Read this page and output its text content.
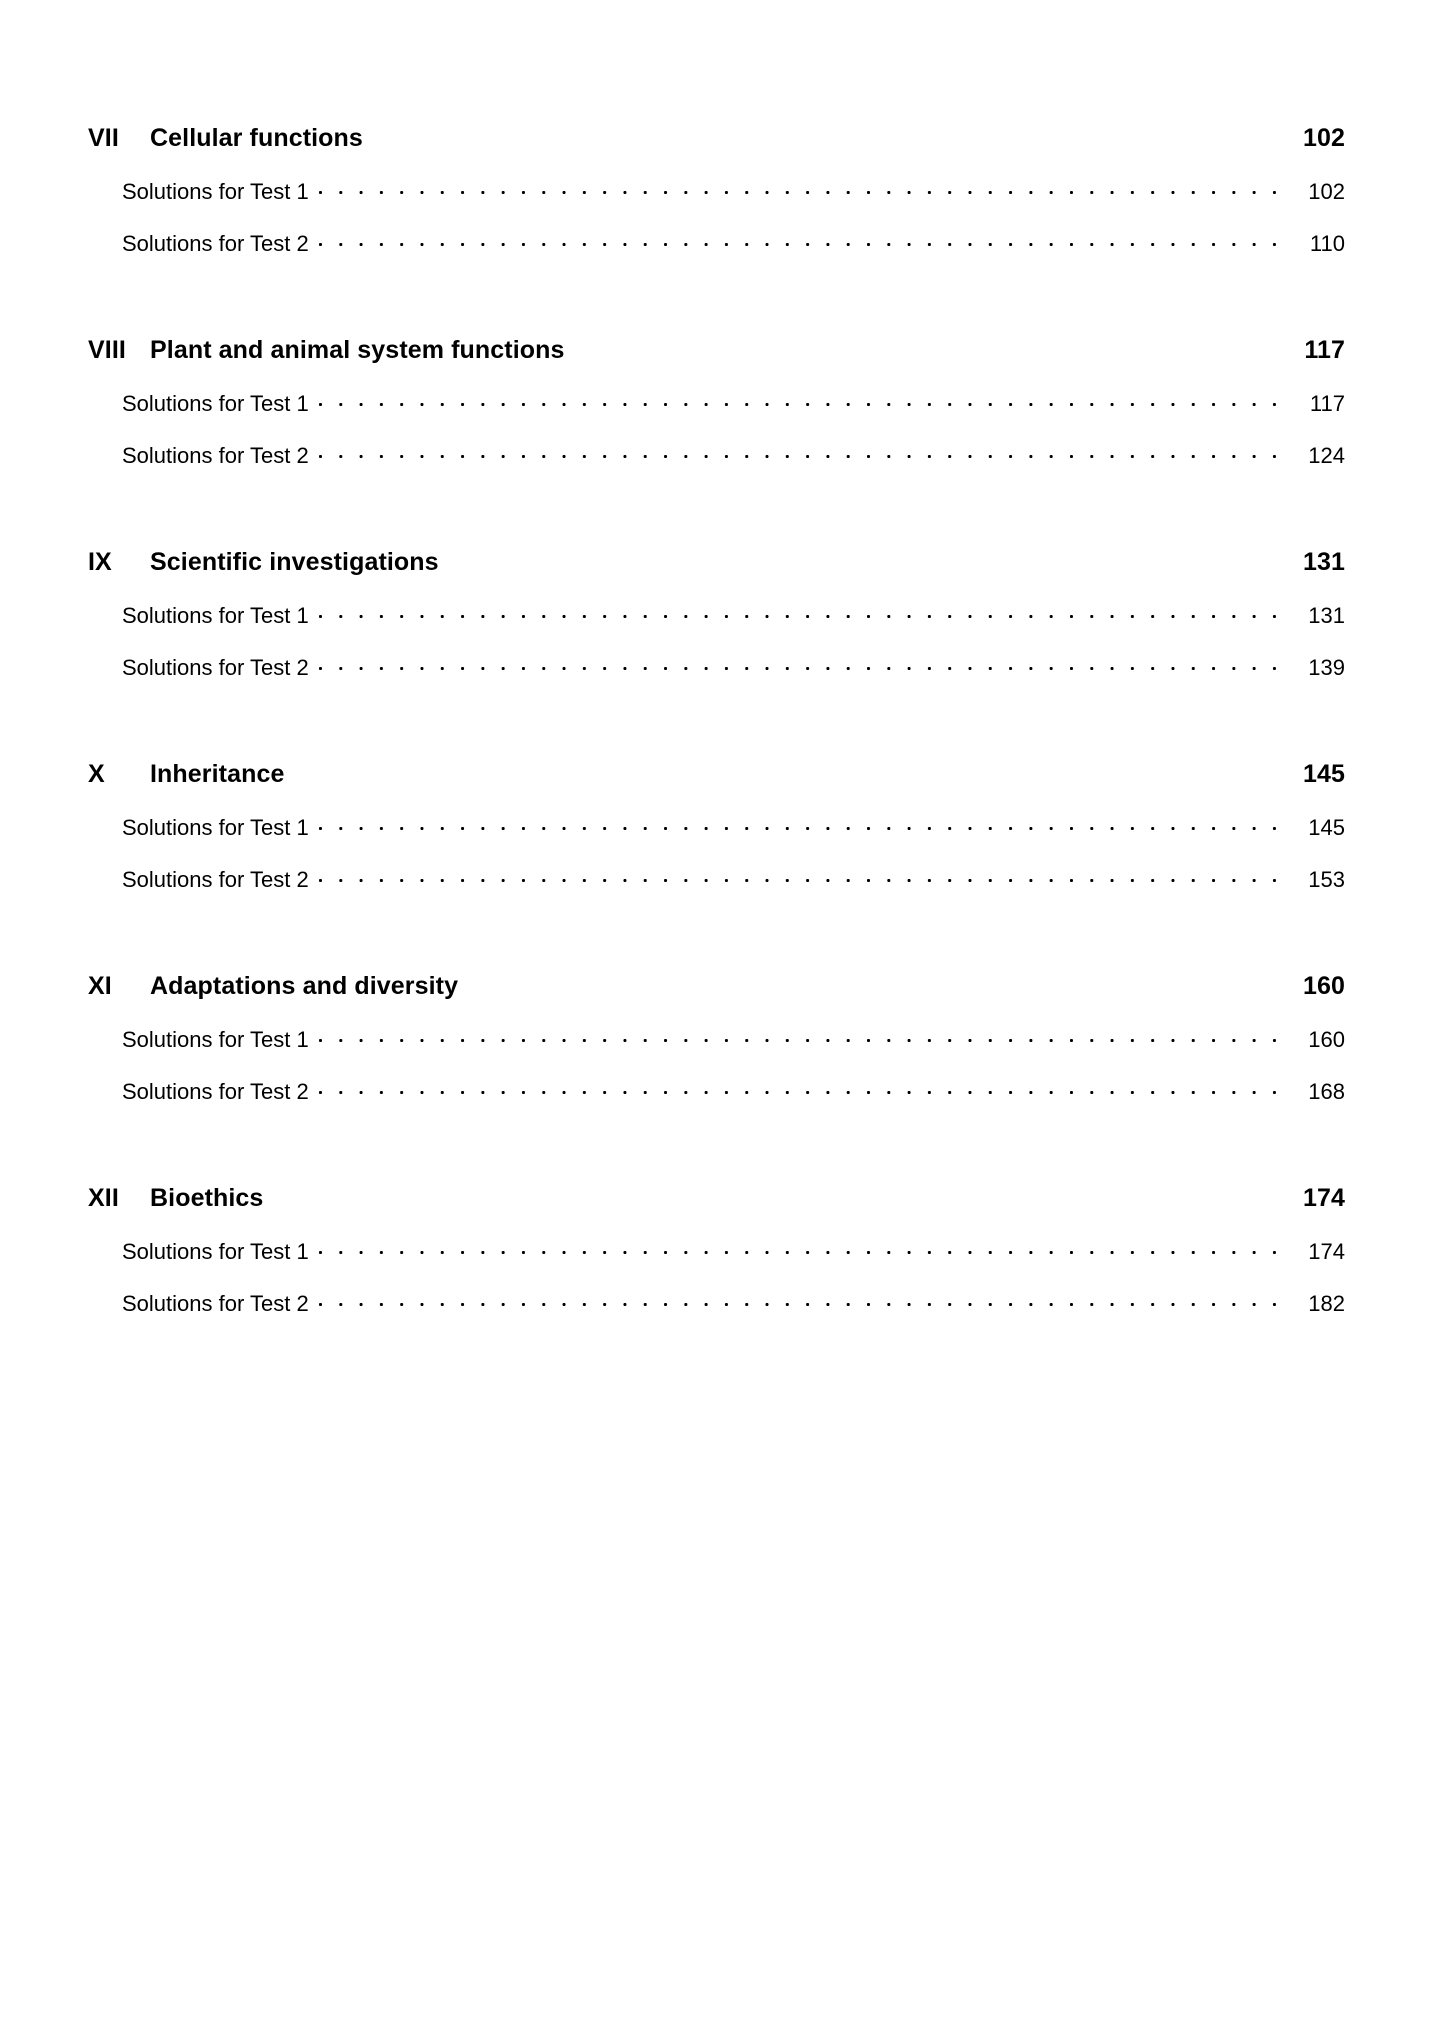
VII	Cellular functions	102
Solutions for Test 1	102
Solutions for Test 2	110
VIII Plant and animal system functions	117
Solutions for Test 1	117
Solutions for Test 2	124
IX	Scientific investigations	131
Solutions for Test 1	131
Solutions for Test 2	139
X	Inheritance	145
Solutions for Test 1	145
Solutions for Test 2	153
XI	Adaptations and diversity	160
Solutions for Test 1	160
Solutions for Test 2	168
XII	Bioethics	174
Solutions for Test 1	174
Solutions for Test 2	182
